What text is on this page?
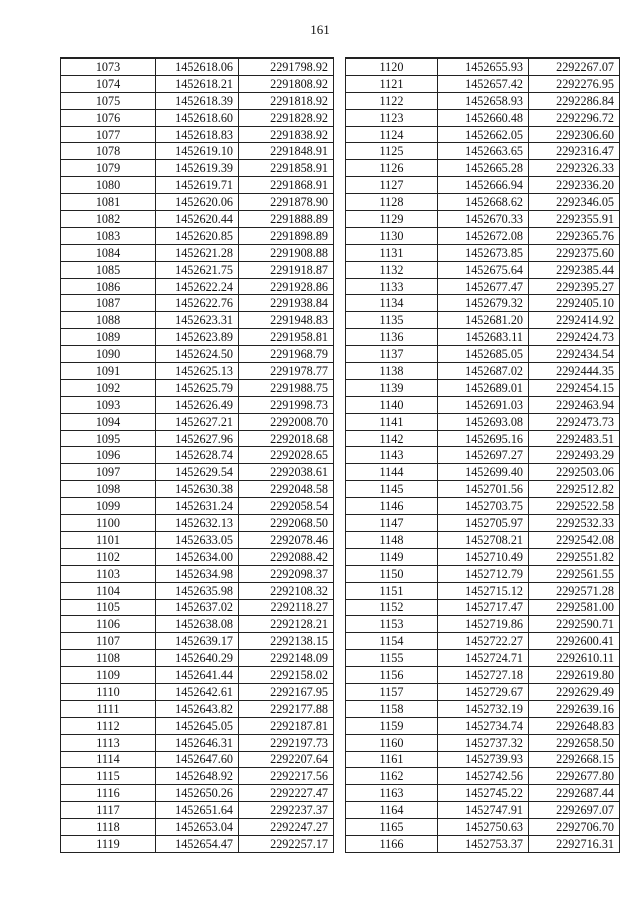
161
1073	1452618.06	2291798.92
1074	1452618.21	2291808.92
1075	1452618.39	2291818.92
1076	1452618.60	2291828.92
1077	1452618.83	2291838.92
1078	1452619.10	2291848.91
1079	1452619.39	2291858.91
1080	1452619.71	2291868.91
1081	1452620.06	2291878.90
1082	1452620.44	2291888.89
1083	1452620.85	2291898.89
1084	1452621.28	2291908.88
1085	1452621.75	2291918.87
1086	1452622.24	2291928.86
1087	1452622.76	2291938.84
1088	1452623.31	2291948.83
1089	1452623.89	2291958.81
1090	1452624.50	2291968.79
1091	1452625.13	2291978.77
1092	1452625.79	2291988.75
1093	1452626.49	2291998.73
1094	1452627.21	2292008.70
1095	1452627.96	2292018.68
1096	1452628.74	2292028.65
1097	1452629.54	2292038.61
1098	1452630.38	2292048.58
1099	1452631.24	2292058.54
1100	1452632.13	2292068.50
1101	1452633.05	2292078.46
1102	1452634.00	2292088.42
1103	1452634.98	2292098.37
1104	1452635.98	2292108.32
1105	1452637.02	2292118.27
1106	1452638.08	2292128.21
1107	1452639.17	2292138.15
1108	1452640.29	2292148.09
1109	1452641.44	2292158.02
1110	1452642.61	2292167.95
1111	1452643.82	2292177.88
1112	1452645.05	2292187.81
1113	1452646.31	2292197.73
1114	1452647.60	2292207.64
1115	1452648.92	2292217.56
1116	1452650.26	2292227.47
1117	1452651.64	2292237.37
1118	1452653.04	2292247.27
1119	1452654.47	2292257.17
1120	1452655.93	2292267.07
1121	1452657.42	2292276.95
1122	1452658.93	2292286.84
1123	1452660.48	2292296.72
1124	1452662.05	2292306.60
1125	1452663.65	2292316.47
1126	1452665.28	2292326.33
1127	1452666.94	2292336.20
1128	1452668.62	2292346.05
1129	1452670.33	2292355.91
1130	1452672.08	2292365.76
1131	1452673.85	2292375.60
1132	1452675.64	2292385.44
1133	1452677.47	2292395.27
1134	1452679.32	2292405.10
1135	1452681.20	2292414.92
1136	1452683.11	2292424.73
1137	1452685.05	2292434.54
1138	1452687.02	2292444.35
1139	1452689.01	2292454.15
1140	1452691.03	2292463.94
1141	1452693.08	2292473.73
1142	1452695.16	2292483.51
1143	1452697.27	2292493.29
1144	1452699.40	2292503.06
1145	1452701.56	2292512.82
1146	1452703.75	2292522.58
1147	1452705.97	2292532.33
1148	1452708.21	2292542.08
1149	1452710.49	2292551.82
1150	1452712.79	2292561.55
1151	1452715.12	2292571.28
1152	1452717.47	2292581.00
1153	1452719.86	2292590.71
1154	1452722.27	2292600.41
1155	1452724.71	2292610.11
1156	1452727.18	2292619.80
1157	1452729.67	2292629.49
1158	1452732.19	2292639.16
1159	1452734.74	2292648.83
1160	1452737.32	2292658.50
1161	1452739.93	2292668.15
1162	1452742.56	2292677.80
1163	1452745.22	2292687.44
1164	1452747.91	2292697.07
1165	1452750.63	2292706.70
1166	1452753.37	2292716.31
